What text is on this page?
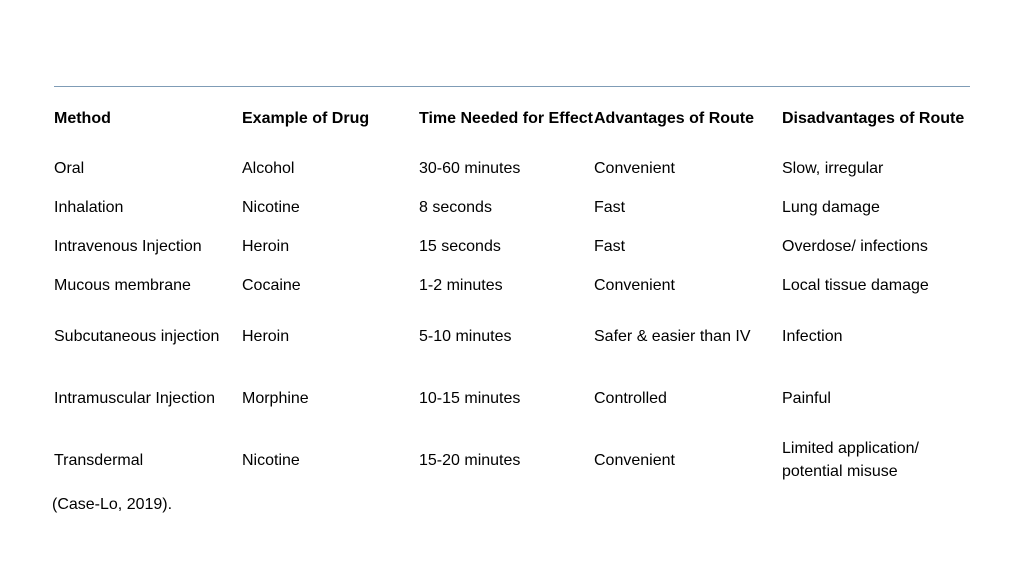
Method	Example of Drug	Time Needed for Effect	Advantages of Route	Disadvantages of Route
Oral	Alcohol	30-60 minutes	Convenient	Slow, irregular
Inhalation	Nicotine	8 seconds	Fast	Lung damage
Intravenous Injection	Heroin	15 seconds	Fast	Overdose/ infections
Mucous membrane	Cocaine	1-2 minutes	Convenient	Local tissue damage
Subcutaneous injection	Heroin	5-10 minutes	Safer & easier than IV	Infection
Intramuscular Injection	Morphine	10-15 minutes	Controlled	Painful
Transdermal	Nicotine	15-20 minutes	Convenient	Limited application/ potential misuse
(Case-Lo, 2019).
